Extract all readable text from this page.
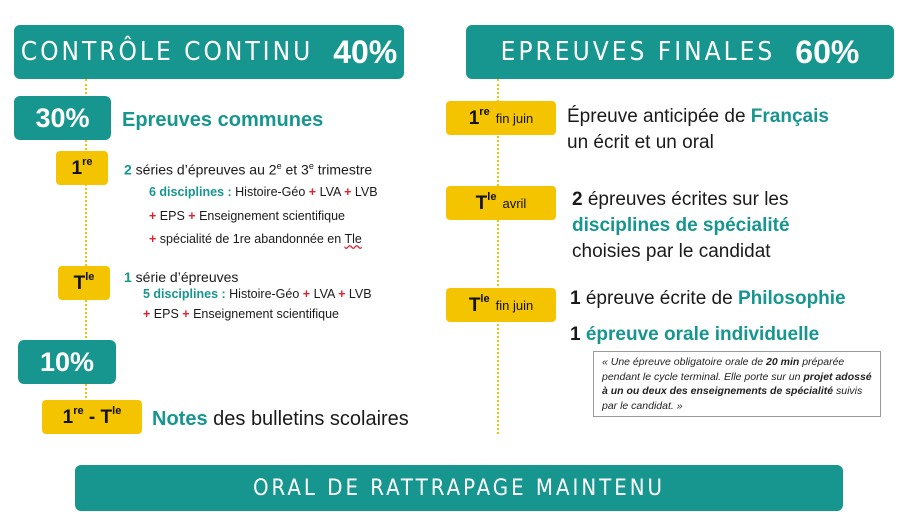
CONTRÔLE CONTINU 40%	EPREUVES FINALES 60%
30%	Epreuves communes
1re 2 séries d’épreuves au 2e et 3e trimestre
6 disciplines : Histoire-Géo + LVA + LVB
+ EPS + Enseignement scientifique
+ spécialité de 1re abandonnée en Tle
$T^{le}$ 1 série d’épreuves
5 disciplines : Histoire-Géo + LVA + LVB
+ EPS + Enseignement scientifique
10%
$1re - T^{le}$ Notes des bulletins scolaires
1re fin juin Épreuve anticipée de Français
un écrit et un oral
$T^{le}$ avril 2 épreuves écrites sur les
disciplines de spécialité
choisies par le candidat
$T^{le}$ fin juin 1 épreuve écrite de Philosophie
1 épreuve orale individuelle
« Une épreuve obligatoire orale de 20 min préparée pendant le cycle terminal. Elle porte sur un projet adossé à un ou deux des enseignements de spécialité suivis par le candidat. »
ORAL DE RATTRAPAGE MAINTENU
